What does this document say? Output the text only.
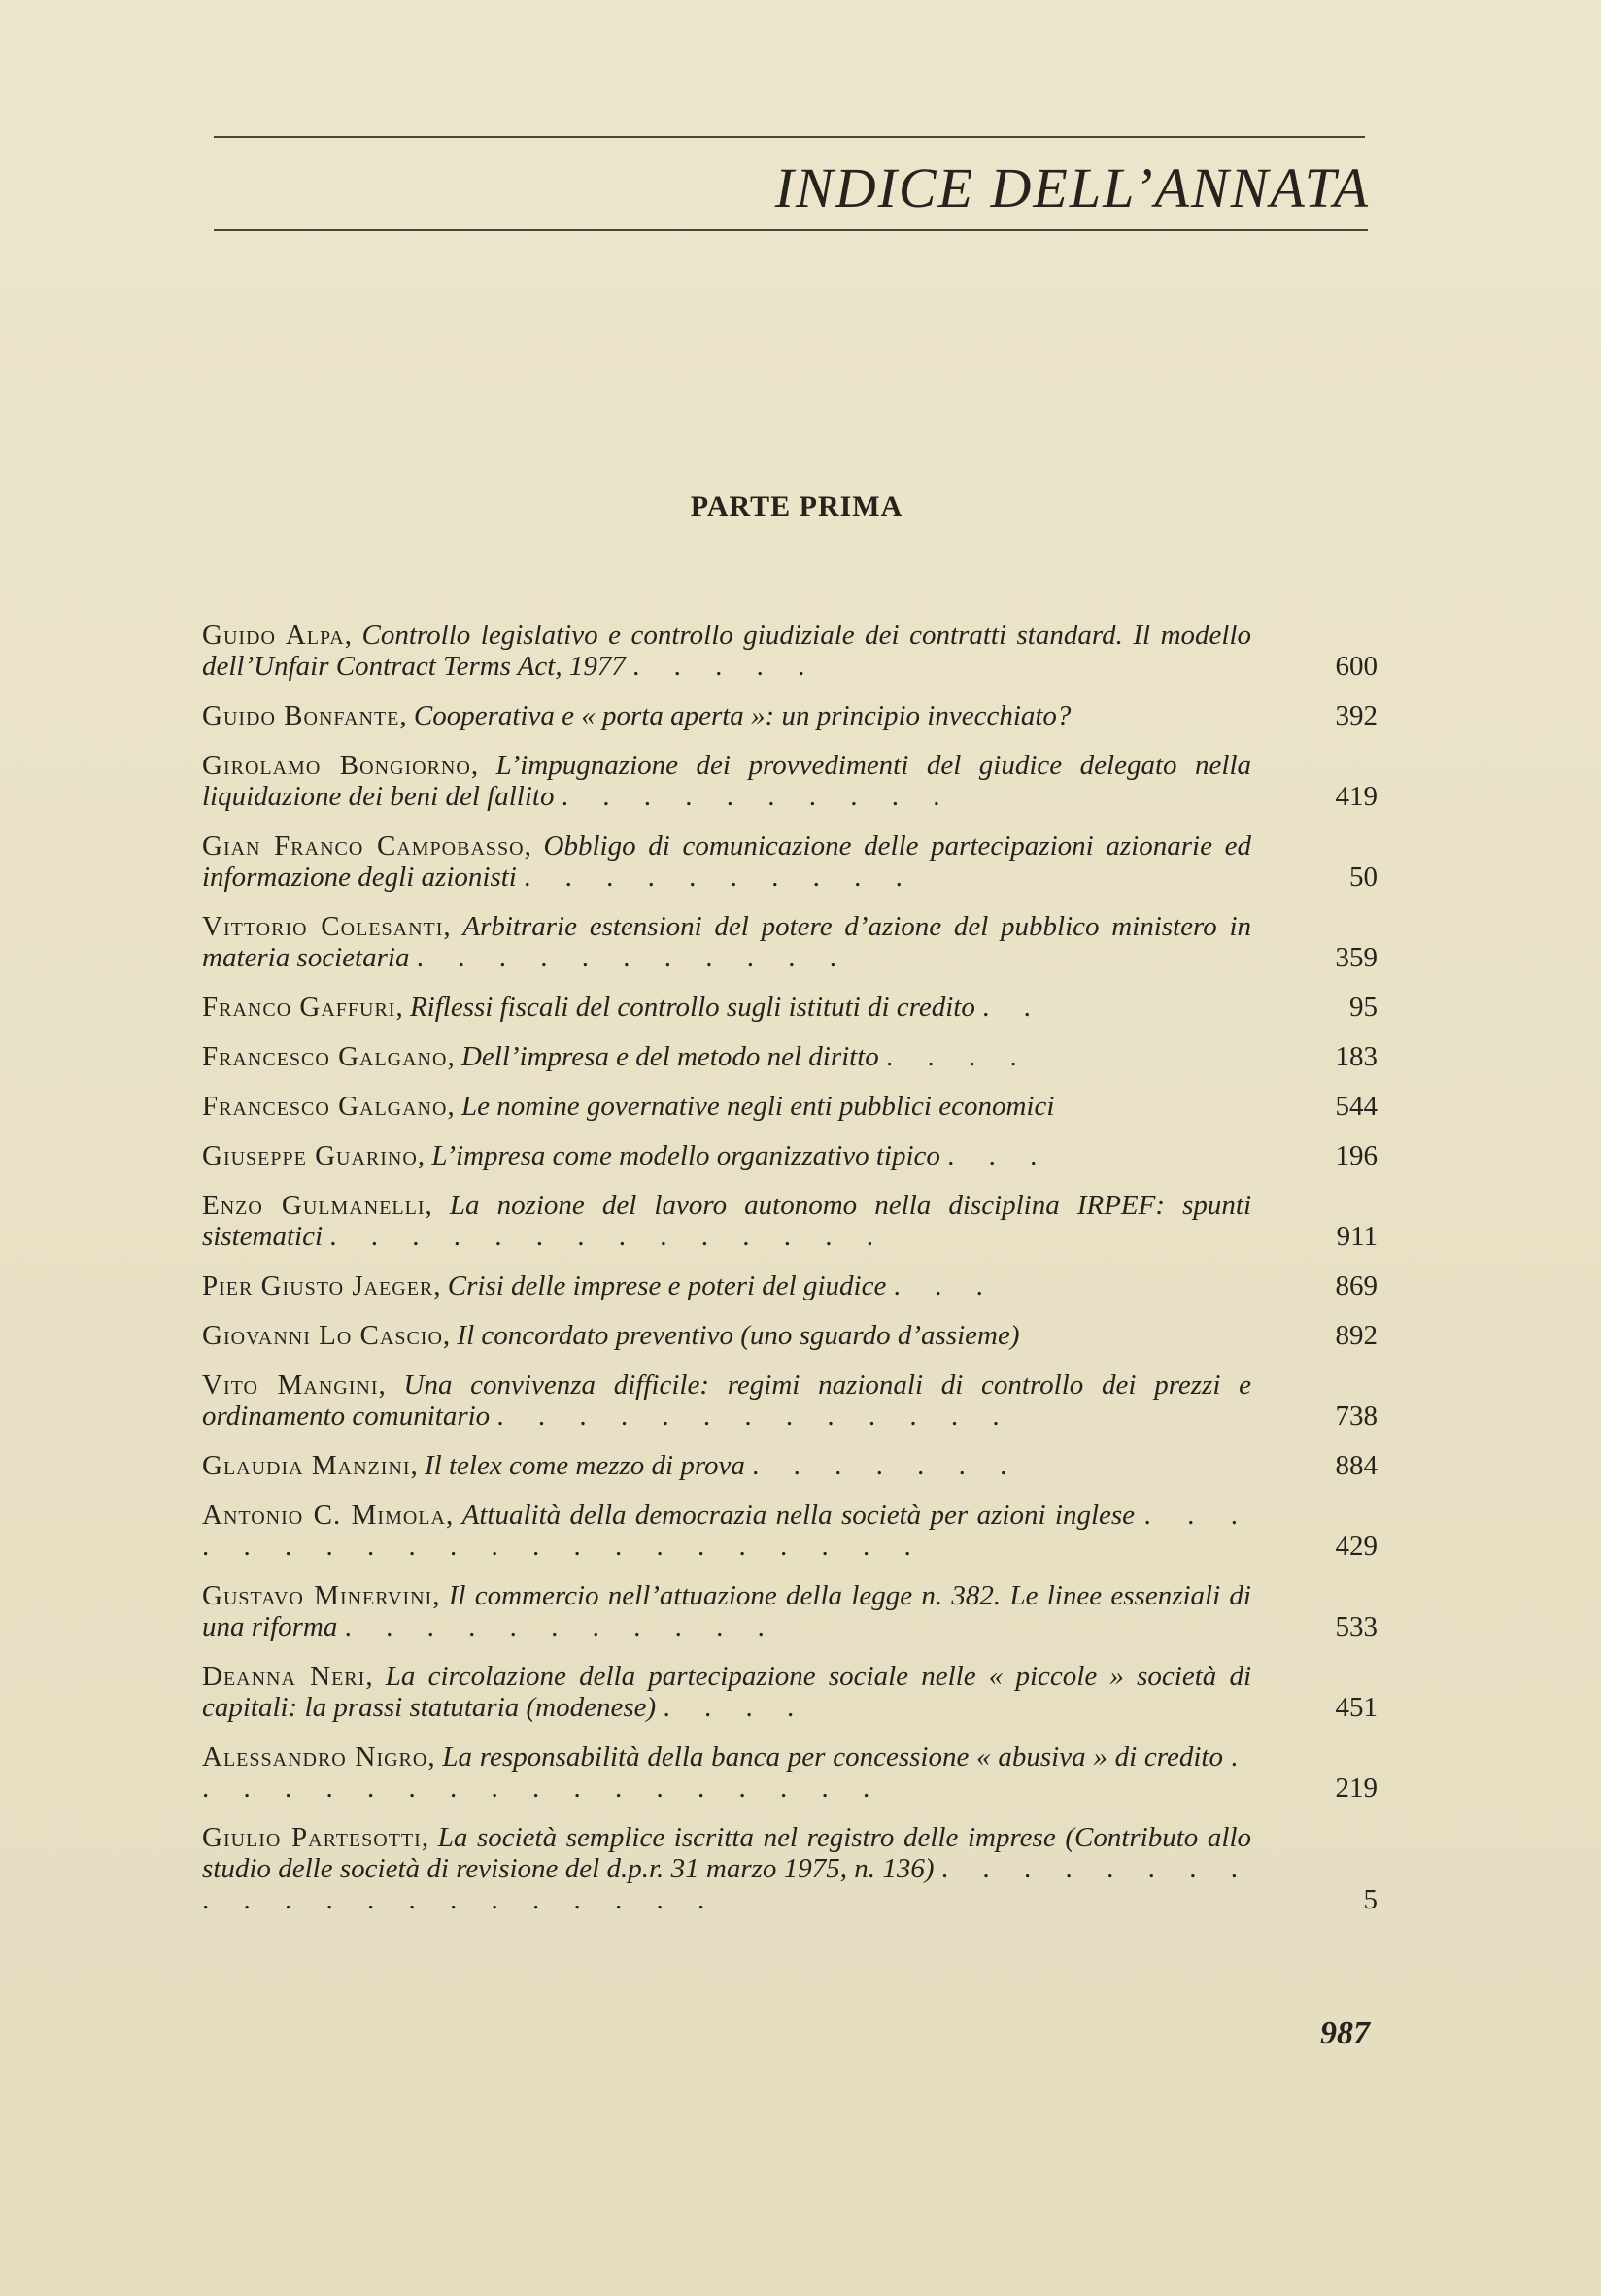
INDICE DELL’ANNATA
PARTE PRIMA
Guido Alpa, Controllo legislativo e controllo giudiziale dei contratti standard. Il modello dell’Unfair Contract Terms Act, 1977 . . . . .	600
Guido Bonfante, Cooperativa e « porta aperta »: un principio invecchiato?	392
Girolamo Bongiorno, L’impugnazione dei provvedimenti del giudice delegato nella liquidazione dei beni del fallito . . . . . . . . . .	419
Gian Franco Campobasso, Obbligo di comunicazione delle partecipazioni azionarie ed informazione degli azionisti . . . . . . . . . .	50
Vittorio Colesanti, Arbitrarie estensioni del potere d’azione del pubblico ministero in materia societaria . . . . . . . . . . .	359
Franco Gaffuri, Riflessi fiscali del controllo sugli istituti di credito . .	95
Francesco Galgano, Dell’impresa e del metodo nel diritto . . . .	183
Francesco Galgano, Le nomine governative negli enti pubblici economici	544
Giuseppe Guarino, L’impresa come modello organizzativo tipico . . .	196
Enzo Gulmanelli, La nozione del lavoro autonomo nella disciplina IRPEF: spunti sistematici . . . . . . . . . . . . . .	911
Pier Giusto Jaeger, Crisi delle imprese e poteri del giudice . . .	869
Giovanni Lo Cascio, Il concordato preventivo (uno sguardo d’assieme)	892
Vito Mangini, Una convivenza difficile: regimi nazionali di controllo dei prezzi e ordinamento comunitario . . . . . . . . . . . . .	738
Glaudia Manzini, Il telex come mezzo di prova . . . . . . .	884
Antonio C. Mimola, Attualità della democrazia nella società per azioni inglese . . . . . . . . . . . . . . . . . . . . .	429
Gustavo Minervini, Il commercio nell’attuazione della legge n. 382. Le linee essenziali di una riforma . . . . . . . . . . .	533
Deanna Neri, La circolazione della partecipazione sociale nelle « piccole » società di capitali: la prassi statutaria (modenese) . . . .	451
Alessandro Nigro, La responsabilità della banca per concessione « abusiva » di credito . . . . . . . . . . . . . . . . . .	219
Giulio Partesotti, La società semplice iscritta nel registro delle imprese (Contributo allo studio delle società di revisione del d.p.r. 31 marzo 1975, n. 136) . . . . . . . . . . . . . . . . . . . . .	5
987
